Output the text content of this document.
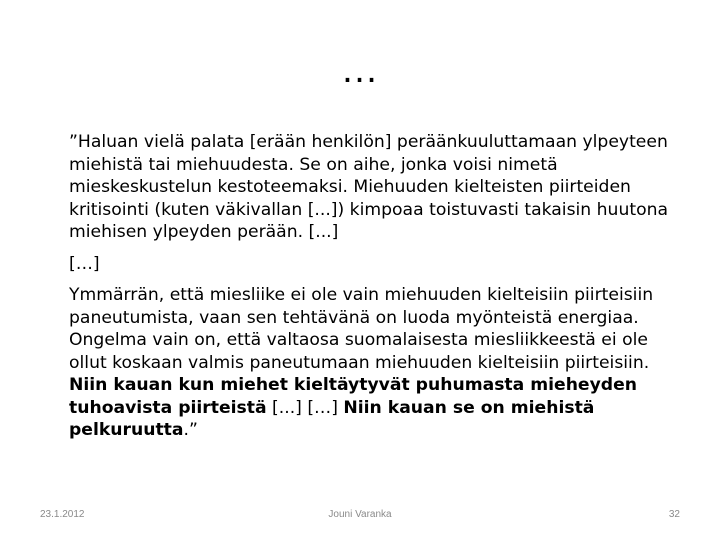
…

”Haluan vielä palata [erään henkilön] peräänkuuluttamaan ylpeyteen miehistä tai miehuudesta. Se on aihe, jonka voisi nimetä mieskeskustelun kestoteemaksi. Miehuuden kielteisten piirteiden kritisointi (kuten väkivallan [...]) kimpoaa toistuvasti takaisin huutona miehisen ylpeyden perään. [...]

[…]

Ymmärrän, että miesliike ei ole vain miehuuden kielteisiin piirteisiin paneutumista, vaan sen tehtävänä on luoda myönteistä energiaa. Ongelma vain on, että valtaosa suomalaisesta miesliikkeestä ei ole ollut koskaan valmis paneutumaan miehuuden kielteisiin piirteisiin. Niin kauan kun miehet kieltäytyvät puhumasta mieheyden tuhoavista piirteistä [...] […] Niin kauan se on miehistä pelkuruutta.”

23.1.2012	Jouni Varanka	32
